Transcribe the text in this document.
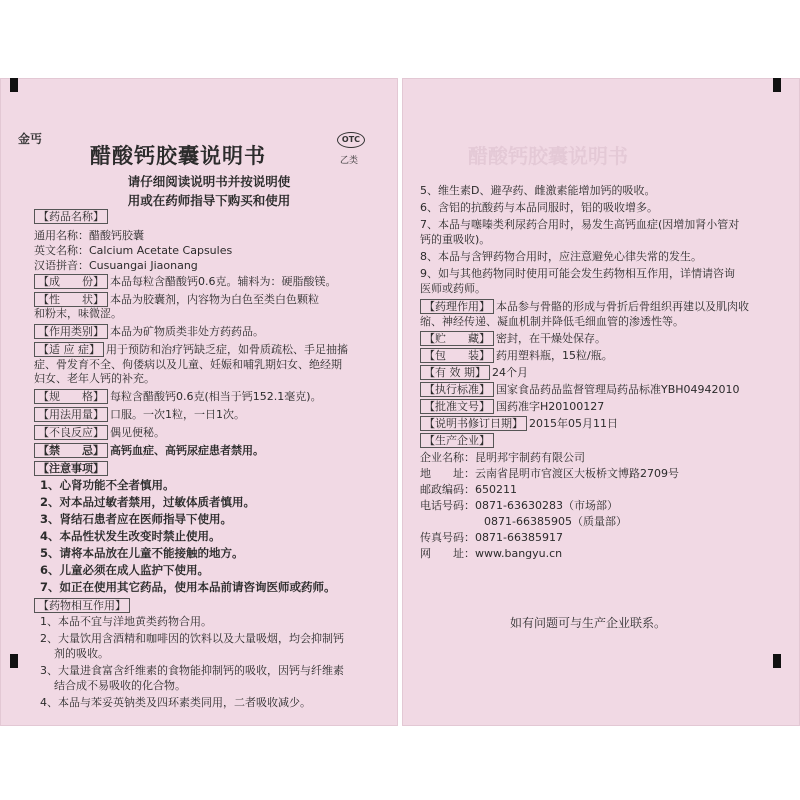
金丐
醋酸钙胶囊说明书
OTC
乙类
请仔细阅读说明书并按说明使
用或在药师指导下购买和使用
【药品名称】
通用名称：醋酸钙胶囊
英文名称：Calcium Acetate Capsules
汉语拼音：Cusuangai Jiaonang
【成　　份】 本品每粒含醋酸钙0.6克。辅料为：硬脂酸镁。
【性　　状】 本品为胶囊剂，内容物为白色至类白色颗粒
和粉末，味微涩。
【作用类别】 本品为矿物质类非处方药药品。
【适 应 症】 用于预防和治疗钙缺乏症，如骨质疏松、手足抽搐
症、骨发育不全、佝偻病以及儿童、妊娠和哺乳期妇女、绝经期
妇女、老年人钙的补充。
【规　　格】 每粒含醋酸钙0.6克(相当于钙152.1毫克)。
【用法用量】 口服。一次1粒，一日1次。
【不良反应】 偶见便秘。
【禁　　忌】 高钙血症、高钙尿症患者禁用。
【注意事项】
1、心肾功能不全者慎用。
2、对本品过敏者禁用，过敏体质者慎用。
3、肾结石患者应在医师指导下使用。
4、本品性状发生改变时禁止使用。
5、请将本品放在儿童不能接触的地方。
6、儿童必须在成人监护下使用。
7、如正在使用其它药品，使用本品前请咨询医师或药师。
【药物相互作用】
1、本品不宜与洋地黄类药物合用。
2、大量饮用含酒精和咖啡因的饮料以及大量吸烟，均会抑制钙
剂的吸收。
3、大量进食富含纤维素的食物能抑制钙的吸收，因钙与纤维素
结合成不易吸收的化合物。
4、本品与苯妥英钠类及四环素类同用，二者吸收减少。
醋酸钙胶囊说明书
5、维生素D、避孕药、雌激素能增加钙的吸收。
6、含铝的抗酸药与本品同服时，铝的吸收增多。
7、本品与噻嗪类利尿药合用时，易发生高钙血症(因增加肾小管对
钙的重吸收)。
8、本品与含钾药物合用时，应注意避免心律失常的发生。
9、如与其他药物同时使用可能会发生药物相互作用，详情请咨询
医师或药师。
【药理作用】 本品参与骨骼的形成与骨折后骨组织再建以及肌肉收
缩、神经传递、凝血机制并降低毛细血管的渗透性等。
【贮　　藏】 密封，在干燥处保存。
【包　　装】 药用塑料瓶，15粒/瓶。
【有 效 期】 24个月
【执行标准】 国家食品药品监督管理局药品标准YBH04942010
【批准文号】 国药准字H20100127
【说明书修订日期】 2015年05月11日
【生产企业】
企业名称：昆明邦宇制药有限公司
地　　址：云南省昆明市官渡区大板桥文博路2709号
邮政编码：650211
电话号码：0871-63630283（市场部）
0871-66385905（质量部）
传真号码：0871-66385917
网　　址：www.bangyu.cn
如有问题可与生产企业联系。
